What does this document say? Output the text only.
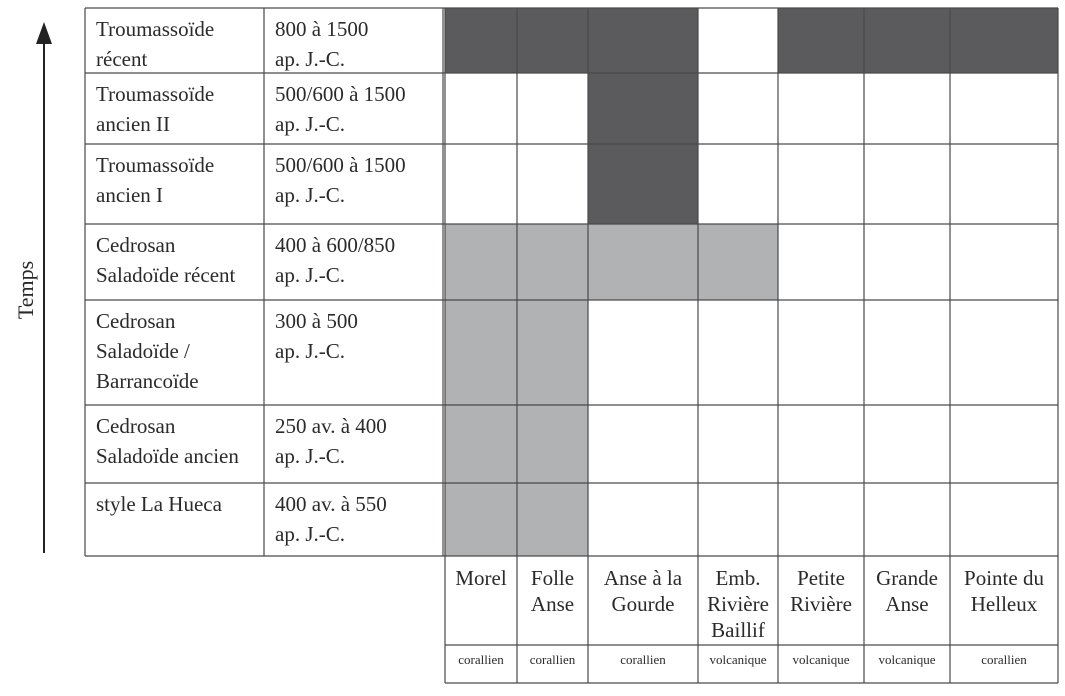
Temps
Troumassoïde
récent
800 à 1500
ap. J.-C.
Troumassoïde
ancien II
500/600 à 1500
ap. J.-C.
Troumassoïde
ancien I
500/600 à 1500
ap. J.-C.
Cedrosan
Saladoïde récent
400 à 600/850
ap. J.-C.
Cedrosan
Saladoïde /
Barrancoïde
300 à 500
ap. J.-C.
Cedrosan
Saladoïde ancien
250 av. à 400
ap. J.-C.
style La Hueca	400 av. à 550
ap. J.-C.
Morel
corallien
Folle
Anse
corallien
Anse à la
Gourde
corallien
Emb.
Rivière
Baillif
volcanique
Petite
Rivière
volcanique
Grande
Anse
volcanique
Pointe du
Helleux
corallien
